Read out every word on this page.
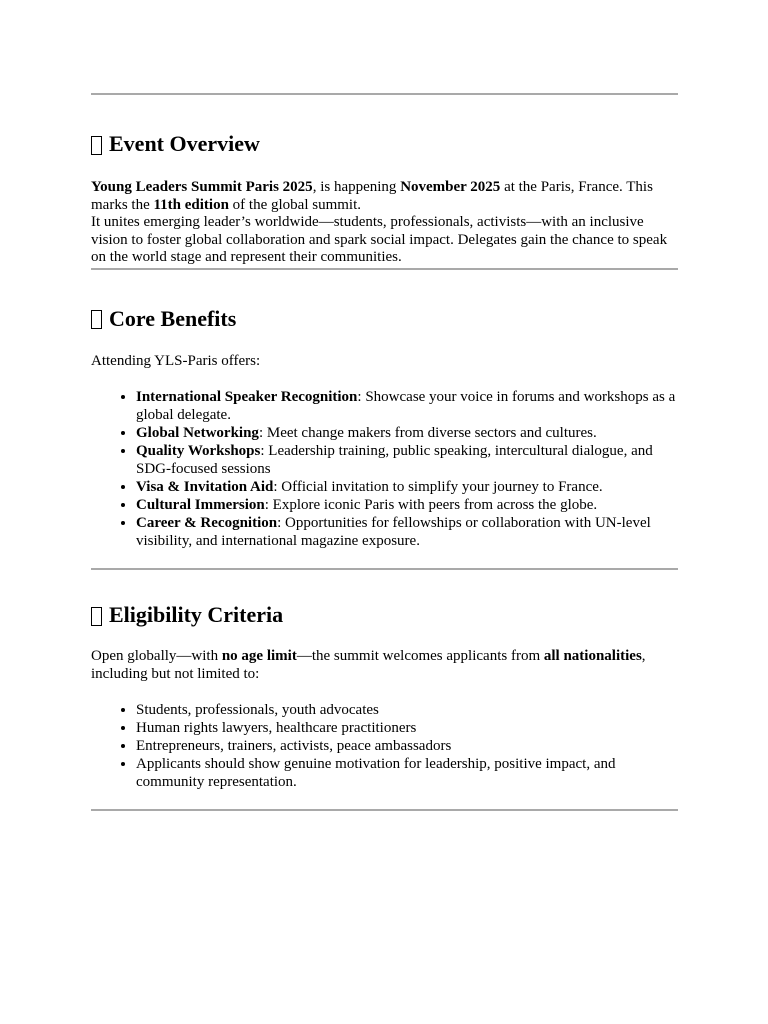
Event Overview

Young Leaders Summit Paris 2025, is happening November 2025 at the Paris, France. This marks the 11th edition of the global summit.

It unites emerging leader’s worldwide—students, professionals, activists—with an inclusive vision to foster global collaboration and spark social impact. Delegates gain the chance to speak on the world stage and represent their communities.

Core Benefits

Attending YLS-Paris offers:

• International Speaker Recognition: Showcase your voice in forums and workshops as a global delegate.
• Global Networking: Meet change makers from diverse sectors and cultures.
• Quality Workshops: Leadership training, public speaking, intercultural dialogue, and SDG-focused sessions
• Visa & Invitation Aid: Official invitation to simplify your journey to France.
• Cultural Immersion: Explore iconic Paris with peers from across the globe.
• Career & Recognition: Opportunities for fellowships or collaboration with UN-level visibility, and international magazine exposure.
Eligibility Criteria

Open globally—with no age limit—the summit welcomes applicants from all nationalities, including but not limited to:

• Students, professionals, youth advocates
• Human rights lawyers, healthcare practitioners
• Entrepreneurs, trainers, activists, peace ambassadors
• Applicants should show genuine motivation for leadership, positive impact, and community representation.
